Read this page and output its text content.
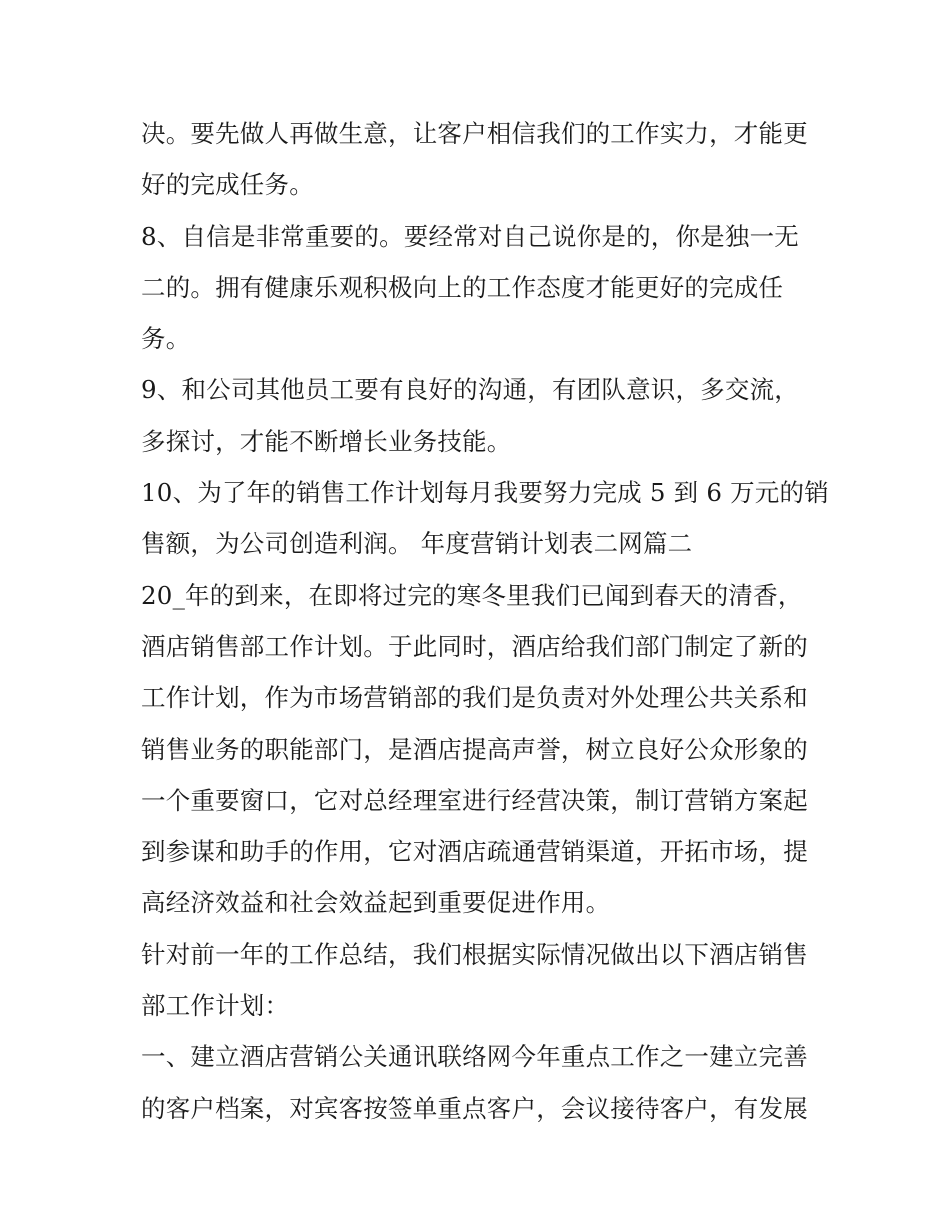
决。要先做人再做生意，让客户相信我们的工作实力，才能更
好的完成任务。
8、自信是非常重要的。要经常对自己说你是的，你是独一无
二的。拥有健康乐观积极向上的工作态度才能更好的完成任
务。
9、和公司其他员工要有良好的沟通，有团队意识，多交流，
多探讨，才能不断增长业务技能。
10、为了年的销售工作计划每月我要努力完成 5 到 6 万元的销
售额，为公司创造利润。 年度营销计划表二网篇二
20_年的到来，在即将过完的寒冬里我们已闻到春天的清香，
酒店销售部工作计划。于此同时，酒店给我们部门制定了新的
工作计划，作为市场营销部的我们是负责对外处理公共关系和
销售业务的职能部门，是酒店提高声誉，树立良好公众形象的
一个重要窗口，它对总经理室进行经营决策，制订营销方案起
到参谋和助手的作用，它对酒店疏通营销渠道，开拓市场，提
高经济效益和社会效益起到重要促进作用。
针对前一年的工作总结，我们根据实际情况做出以下酒店销售
部工作计划：
一、建立酒店营销公关通讯联络网今年重点工作之一建立完善
的客户档案，对宾客按签单重点客户，会议接待客户，有发展
